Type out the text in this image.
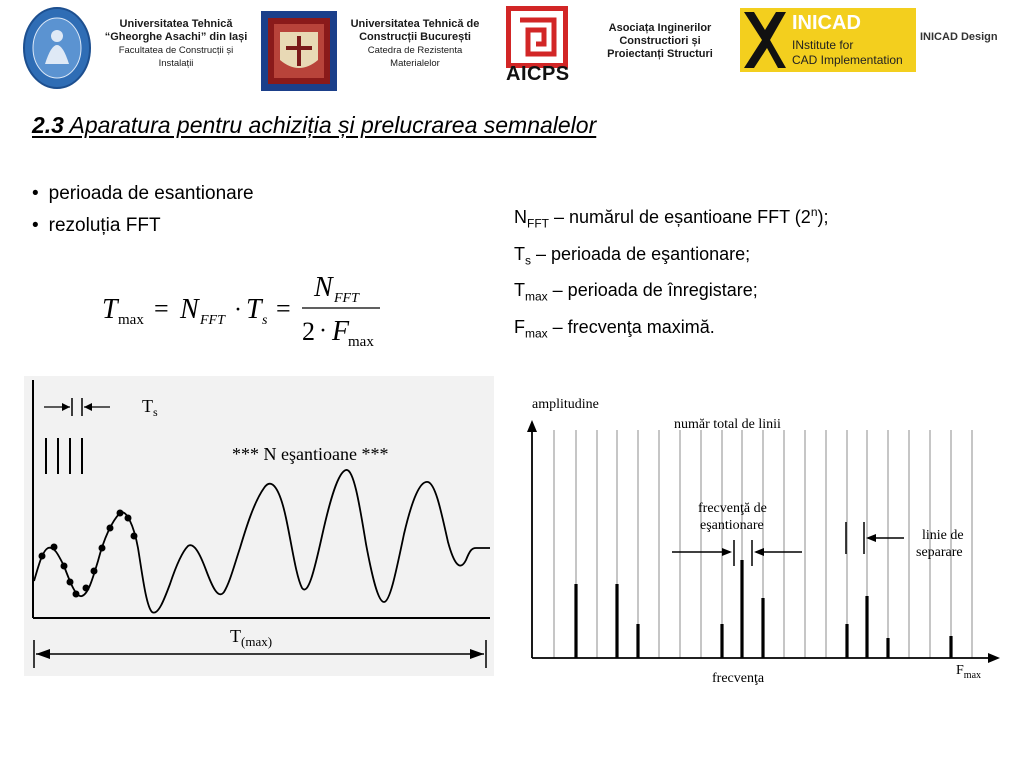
Universitatea Tehnică
“Gheorghe Asachi” din Iași
Facultatea de Construcții și
Instalații
Universitatea Tehnică de
Construcții București
Catedra de Rezistenta
Materialelor	AICPS
Asociața Inginerilor
Constructiori și
Proiectanți Structuri
INICAD
INstitute for
CAD Implementation
INICAD Design
2.3 Aparatura pentru achiziția și prelucrarea semnalelor
• perioada de esantionare
• rezoluția FFT
T max = N FFT · T s =
N FFT
2 · F
max
$N_{FFT}$ – numărul de eșantioane FFT (2$^n$);
$T_s$ – perioada de eşantionare;
$T_{max}$ – perioada de înregistare;
$F_{max}$ – frecvenţa maximă.
$T_s$
*** N eşantioane ***
$T_{(max)}$
amplitudine
număr total de linii
frecvenţă de
eşantionare
linie de
separare
frecvenţa
$F_{max}$
